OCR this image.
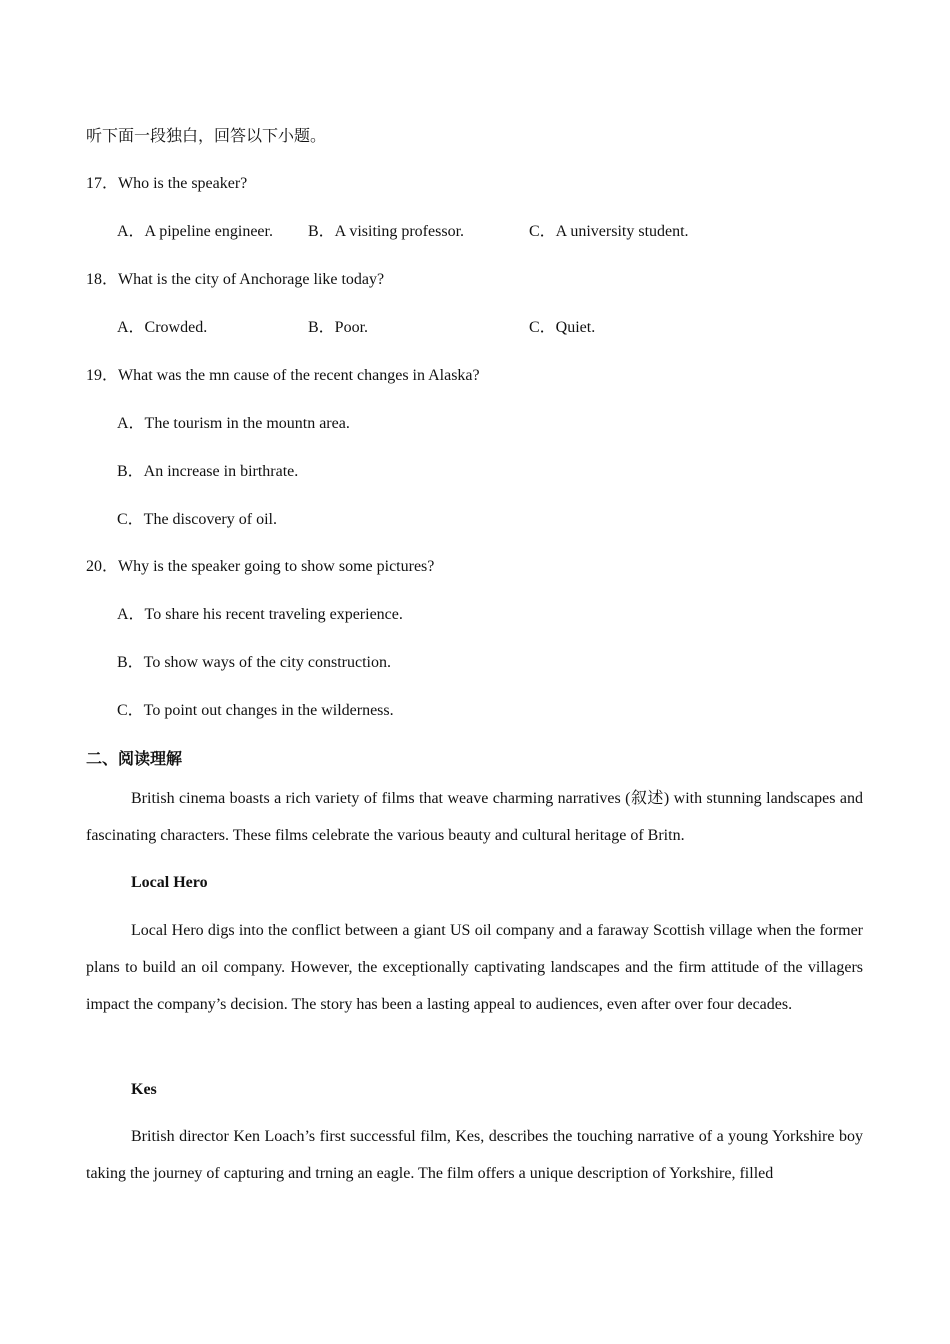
听下面一段独白，回答以下小题。
17．Who is the speaker?
A．A pipeline engineer. B．A visiting professor.	C．A university student.
18．What is the city of Anchorage like today?
A．Crowded.	B．Poor.	C．Quiet.
19．What was the mn cause of the recent changes in Alaska?
A．The tourism in the mountn area.
B．An increase in birthrate.
C．The discovery of oil.
20．Why is the speaker going to show some pictures?
A．To share his recent traveling experience.
B．To show ways of the city construction.
C．To point out changes in the wilderness.
二、阅读理解
British cinema boasts a rich variety of films that weave charming narratives (叙述) with stunning landscapes and fascinating characters. These films celebrate the various beauty and cultural heritage of Britn.
Local Hero
Local Hero digs into the conflict between a giant US oil company and a faraway Scottish village when the former plans to build an oil company. However, the exceptionally captivating landscapes and the firm attitude of the villagers impact the company’s decision. The story has been a lasting appeal to audiences, even after over four decades.
Kes
British director Ken Loach’s first successful film, Kes, describes the touching narrative of a young Yorkshire boy taking the journey of capturing and trning an eagle. The film offers a unique description of Yorkshire, filled
